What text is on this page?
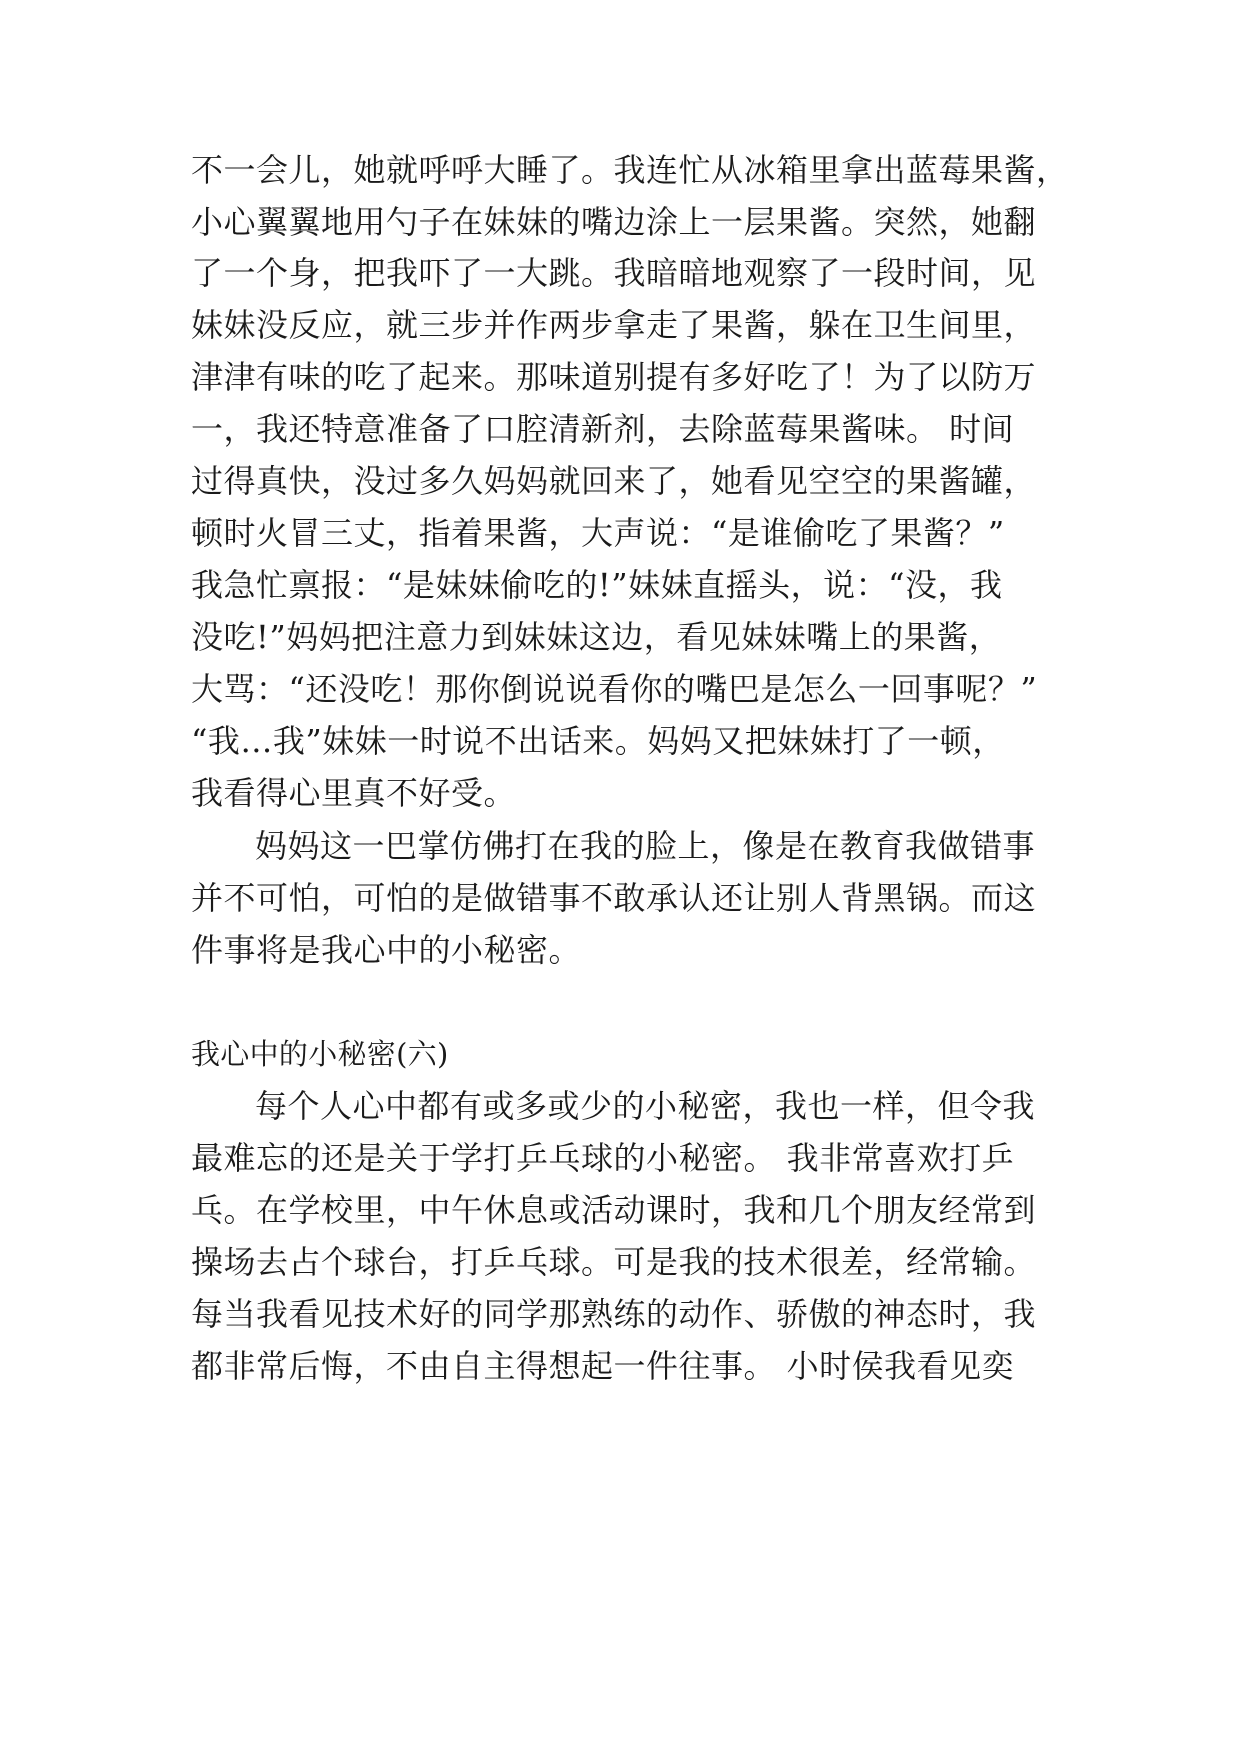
不一会儿，她就呼呼大睡了。我连忙从冰箱里拿出蓝莓果酱，
小心翼翼地用勺子在妹妹的嘴边涂上一层果酱。突然，她翻
了一个身，把我吓了一大跳。我暗暗地观察了一段时间，见
妹妹没反应，就三步并作两步拿走了果酱，躲在卫生间里，
津津有味的吃了起来。那味道别提有多好吃了！为了以防万
一，我还特意准备了口腔清新剂，去除蓝莓果酱味。 时间
过得真快，没过多久妈妈就回来了，她看见空空的果酱罐，
顿时火冒三丈，指着果酱，大声说：“是谁偷吃了果酱？”
我急忙禀报：“是妹妹偷吃的!”妹妹直摇头，说：“没，我
没吃!”妈妈把注意力到妹妹这边，看见妹妹嘴上的果酱，
大骂：“还没吃！那你倒说说看你的嘴巴是怎么一回事呢？”
“我…我”妹妹一时说不出话来。妈妈又把妹妹打了一顿，
我看得心里真不好受。
妈妈这一巴掌仿佛打在我的脸上，像是在教育我做错事
并不可怕，可怕的是做错事不敢承认还让别人背黑锅。而这
件事将是我心中的小秘密。
我心中的小秘密(六)
每个人心中都有或多或少的小秘密，我也一样，但令我
最难忘的还是关于学打乒乓球的小秘密。 我非常喜欢打乒
乓。在学校里，中午休息或活动课时，我和几个朋友经常到
操场去占个球台，打乒乓球。可是我的技术很差，经常输。
每当我看见技术好的同学那熟练的动作、骄傲的神态时，我
都非常后悔，不由自主得想起一件往事。 小时侯我看见奕
